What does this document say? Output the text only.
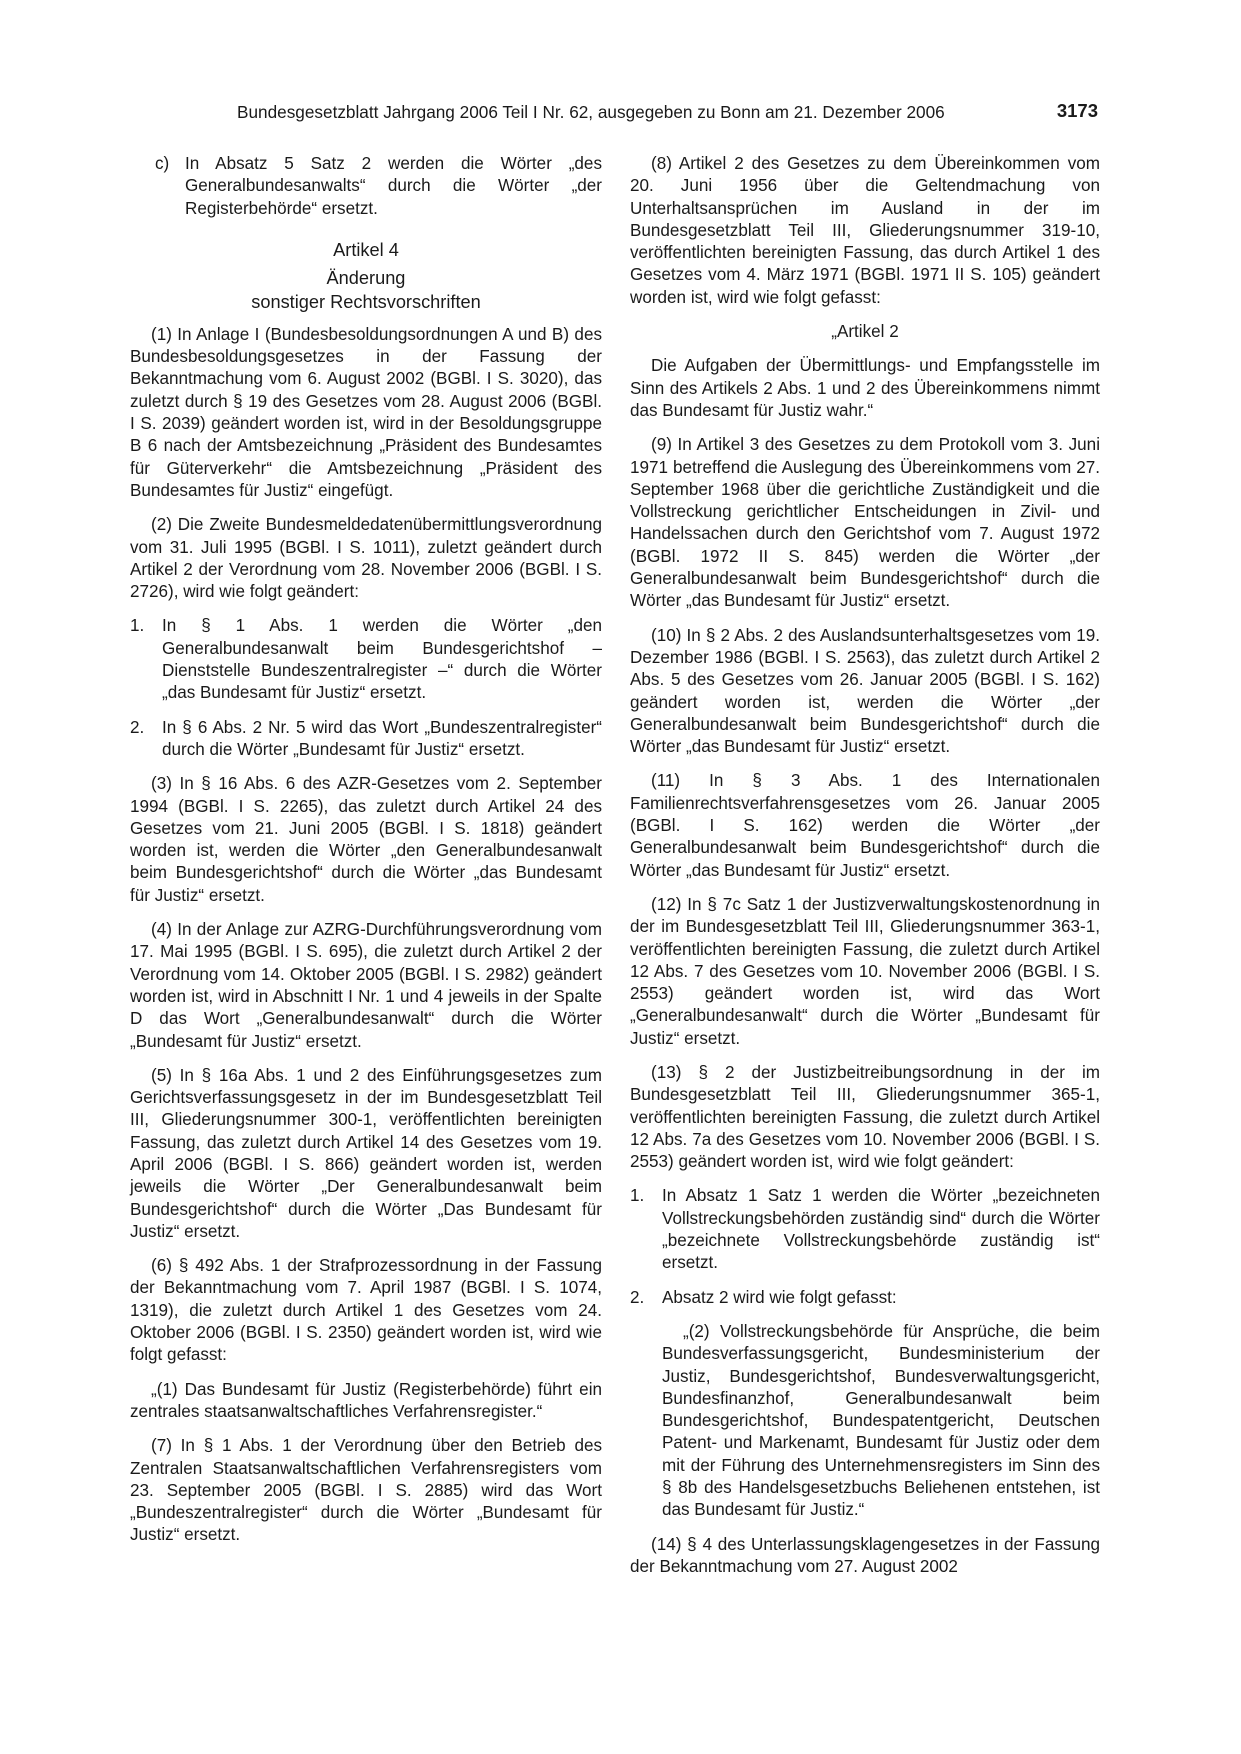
Bundesgesetzblatt Jahrgang 2006 Teil I Nr. 62, ausgegeben zu Bonn am 21. Dezember 2006	3173
c) In Absatz 5 Satz 2 werden die Wörter „des Generalbundesanwalts“ durch die Wörter „der Registerbehörde“ ersetzt.
Artikel 4
Änderung
sonstiger Rechtsvorschriften

(1) In Anlage I (Bundesbesoldungsordnungen A und B) des Bundesbesoldungsgesetzes in der Fassung der Bekanntmachung vom 6. August 2002 (BGBl. I S. 3020), das zuletzt durch § 19 des Gesetzes vom 28. August 2006 (BGBl. I S. 2039) geändert worden ist, wird in der Besoldungsgruppe B 6 nach der Amtsbezeichnung „Präsident des Bundesamtes für Güterverkehr“ die Amtsbezeichnung „Präsident des Bundesamtes für Justiz“ eingefügt.

(2) Die Zweite Bundesmeldedatenübermittlungsverordnung vom 31. Juli 1995 (BGBl. I S. 1011), zuletzt geändert durch Artikel 2 der Verordnung vom 28. November 2006 (BGBl. I S. 2726), wird wie folgt geändert:

1. In § 1 Abs. 1 werden die Wörter „den Generalbundesanwalt beim Bundesgerichtshof – Dienststelle Bundeszentralregister –“ durch die Wörter „das Bundesamt für Justiz“ ersetzt.
2. In § 6 Abs. 2 Nr. 5 wird das Wort „Bundeszentralregister“ durch die Wörter „Bundesamt für Justiz“ ersetzt.

(3) In § 16 Abs. 6 des AZR-Gesetzes vom 2. September 1994 (BGBl. I S. 2265), das zuletzt durch Artikel 24 des Gesetzes vom 21. Juni 2005 (BGBl. I S. 1818) geändert worden ist, werden die Wörter „den Generalbundesanwalt beim Bundesgerichtshof“ durch die Wörter „das Bundesamt für Justiz“ ersetzt.

(4) In der Anlage zur AZRG-Durchführungsverordnung vom 17. Mai 1995 (BGBl. I S. 695), die zuletzt durch Artikel 2 der Verordnung vom 14. Oktober 2005 (BGBl. I S. 2982) geändert worden ist, wird in Abschnitt I Nr. 1 und 4 jeweils in der Spalte D das Wort „Generalbundesanwalt“ durch die Wörter „Bundesamt für Justiz“ ersetzt.

(5) In § 16a Abs. 1 und 2 des Einführungsgesetzes zum Gerichtsverfassungsgesetz in der im Bundesgesetzblatt Teil III, Gliederungsnummer 300-1, veröffentlichten bereinigten Fassung, das zuletzt durch Artikel 14 des Gesetzes vom 19. April 2006 (BGBl. I S. 866) geändert worden ist, werden jeweils die Wörter „Der Generalbundesanwalt beim Bundesgerichtshof“ durch die Wörter „Das Bundesamt für Justiz“ ersetzt.

(6) § 492 Abs. 1 der Strafprozessordnung in der Fassung der Bekanntmachung vom 7. April 1987 (BGBl. I S. 1074, 1319), die zuletzt durch Artikel 1 des Gesetzes vom 24. Oktober 2006 (BGBl. I S. 2350) geändert worden ist, wird wie folgt gefasst:

„(1) Das Bundesamt für Justiz (Registerbehörde) führt ein zentrales staatsanwaltschaftliches Verfahrensregister.“

(7) In § 1 Abs. 1 der Verordnung über den Betrieb des Zentralen Staatsanwaltschaftlichen Verfahrensregisters vom 23. September 2005 (BGBl. I S. 2885) wird das Wort „Bundeszentralregister“ durch die Wörter „Bundesamt für Justiz“ ersetzt.

(8) Artikel 2 des Gesetzes zu dem Übereinkommen vom 20. Juni 1956 über die Geltendmachung von Unterhaltsansprüchen im Ausland in der im Bundesgesetzblatt Teil III, Gliederungsnummer 319-10, veröffentlichten bereinigten Fassung, das durch Artikel 1 des Gesetzes vom 4. März 1971 (BGBl. 1971 II S. 105) geändert worden ist, wird wie folgt gefasst:

„Artikel 2

Die Aufgaben der Übermittlungs- und Empfangsstelle im Sinn des Artikels 2 Abs. 1 und 2 des Übereinkommens nimmt das Bundesamt für Justiz wahr.“

(9) In Artikel 3 des Gesetzes zu dem Protokoll vom 3. Juni 1971 betreffend die Auslegung des Übereinkommens vom 27. September 1968 über die gerichtliche Zuständigkeit und die Vollstreckung gerichtlicher Entscheidungen in Zivil- und Handelssachen durch den Gerichtshof vom 7. August 1972 (BGBl. 1972 II S. 845) werden die Wörter „der Generalbundesanwalt beim Bundesgerichtshof“ durch die Wörter „das Bundesamt für Justiz“ ersetzt.

(10) In § 2 Abs. 2 des Auslandsunterhaltsgesetzes vom 19. Dezember 1986 (BGBl. I S. 2563), das zuletzt durch Artikel 2 Abs. 5 des Gesetzes vom 26. Januar 2005 (BGBl. I S. 162) geändert worden ist, werden die Wörter „der Generalbundesanwalt beim Bundesgerichtshof“ durch die Wörter „das Bundesamt für Justiz“ ersetzt.

(11) In § 3 Abs. 1 des Internationalen Familienrechtsverfahrensgesetzes vom 26. Januar 2005 (BGBl. I S. 162) werden die Wörter „der Generalbundesanwalt beim Bundesgerichtshof“ durch die Wörter „das Bundesamt für Justiz“ ersetzt.

(12) In § 7c Satz 1 der Justizverwaltungskostenordnung in der im Bundesgesetzblatt Teil III, Gliederungsnummer 363-1, veröffentlichten bereinigten Fassung, die zuletzt durch Artikel 12 Abs. 7 des Gesetzes vom 10. November 2006 (BGBl. I S. 2553) geändert worden ist, wird das Wort „Generalbundesanwalt“ durch die Wörter „Bundesamt für Justiz“ ersetzt.

(13) § 2 der Justizbeitreibungsordnung in der im Bundesgesetzblatt Teil III, Gliederungsnummer 365-1, veröffentlichten bereinigten Fassung, die zuletzt durch Artikel 12 Abs. 7a des Gesetzes vom 10. November 2006 (BGBl. I S. 2553) geändert worden ist, wird wie folgt geändert:

1. In Absatz 1 Satz 1 werden die Wörter „bezeichneten Vollstreckungsbehörden zuständig sind“ durch die Wörter „bezeichnete Vollstreckungsbehörde zuständig ist“ ersetzt.
2. Absatz 2 wird wie folgt gefasst:
„(2) Vollstreckungsbehörde für Ansprüche, die beim Bundesverfassungsgericht, Bundesministerium der Justiz, Bundesgerichtshof, Bundesverwaltungsgericht, Bundesfinanzhof, Generalbundesanwalt beim Bundesgerichtshof, Bundespatentgericht, Deutschen Patent- und Markenamt, Bundesamt für Justiz oder dem mit der Führung des Unternehmensregisters im Sinn des § 8b des Handelsgesetzbuchs Beliehenen entstehen, ist das Bundesamt für Justiz.“

(14) § 4 des Unterlassungsklagengesetzes in der Fassung der Bekanntmachung vom 27. August 2002
